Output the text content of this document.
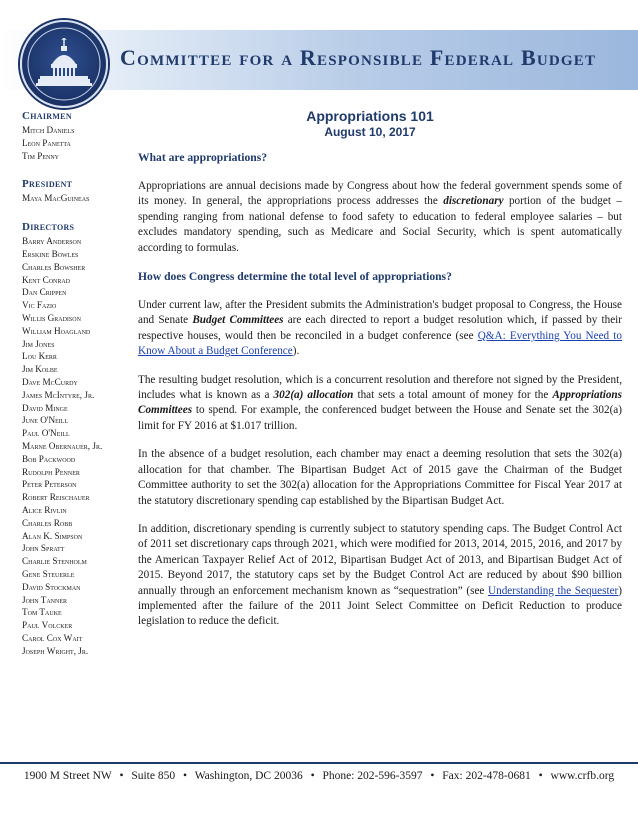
Committee for a Responsible Federal Budget
Chairmen
Mitch Daniels
Leon Panetta
Tim Penny
President
Maya MacGuineas
Directors
Barry Anderson
Erskine Bowles
Charles Bowsher
Kent Conrad
Dan Crippen
Vic Fazio
Willis Gradison
William Hoagland
Jim Jones
Lou Kerr
Jim Kolbe
Dave McCurdy
James McIntyre, Jr.
David Minge
June O'Neill
Paul O'Neill
Marne Obernauer, Jr.
Bob Packwood
Rudolph Penner
Peter Peterson
Robert Reischauer
Alice Rivlin
Charles Robb
Alan K. Simpson
John Spratt
Charlie Stenholm
Gene Steuerle
David Stockman
John Tanner
Tom Tauke
Paul Volcker
Carol Cox Wait
Joseph Wright, Jr.
Appropriations 101
August 10, 2017
What are appropriations?

Appropriations are annual decisions made by Congress about how the federal government spends some of its money. In general, the appropriations process addresses the discretionary portion of the budget – spending ranging from national defense to food safety to education to federal employee salaries – but excludes mandatory spending, such as Medicare and Social Security, which is spent automatically according to formulas.

How does Congress determine the total level of appropriations?

Under current law, after the President submits the Administration's budget proposal to Congress, the House and Senate Budget Committees are each directed to report a budget resolution which, if passed by their respective houses, would then be reconciled in a budget conference (see Q&A: Everything You Need to Know About a Budget Conference).

The resulting budget resolution, which is a concurrent resolution and therefore not signed by the President, includes what is known as a 302(a) allocation that sets a total amount of money for the Appropriations Committees to spend. For example, the conferenced budget between the House and Senate set the 302(a) limit for FY 2016 at $1.017 trillion.

In the absence of a budget resolution, each chamber may enact a deeming resolution that sets the 302(a) allocation for that chamber. The Bipartisan Budget Act of 2015 gave the Chairman of the Budget Committee authority to set the 302(a) allocation for the Appropriations Committee for Fiscal Year 2017 at the statutory discretionary spending cap established by the Bipartisan Budget Act.

In addition, discretionary spending is currently subject to statutory spending caps. The Budget Control Act of 2011 set discretionary caps through 2021, which were modified for 2013, 2014, 2015, 2016, and 2017 by the American Taxpayer Relief Act of 2012, Bipartisan Budget Act of 2013, and Bipartisan Budget Act of 2015. Beyond 2017, the statutory caps set by the Budget Control Act are reduced by about $90 billion annually through an enforcement mechanism known as “sequestration” (see Understanding the Sequester) implemented after the failure of the 2011 Joint Select Committee on Deficit Reduction to produce legislation to reduce the deficit.

1900 M Street NW • Suite 850 • Washington, DC 20036 • Phone: 202-596-3597 • Fax: 202-478-0681 • www.crfb.org
